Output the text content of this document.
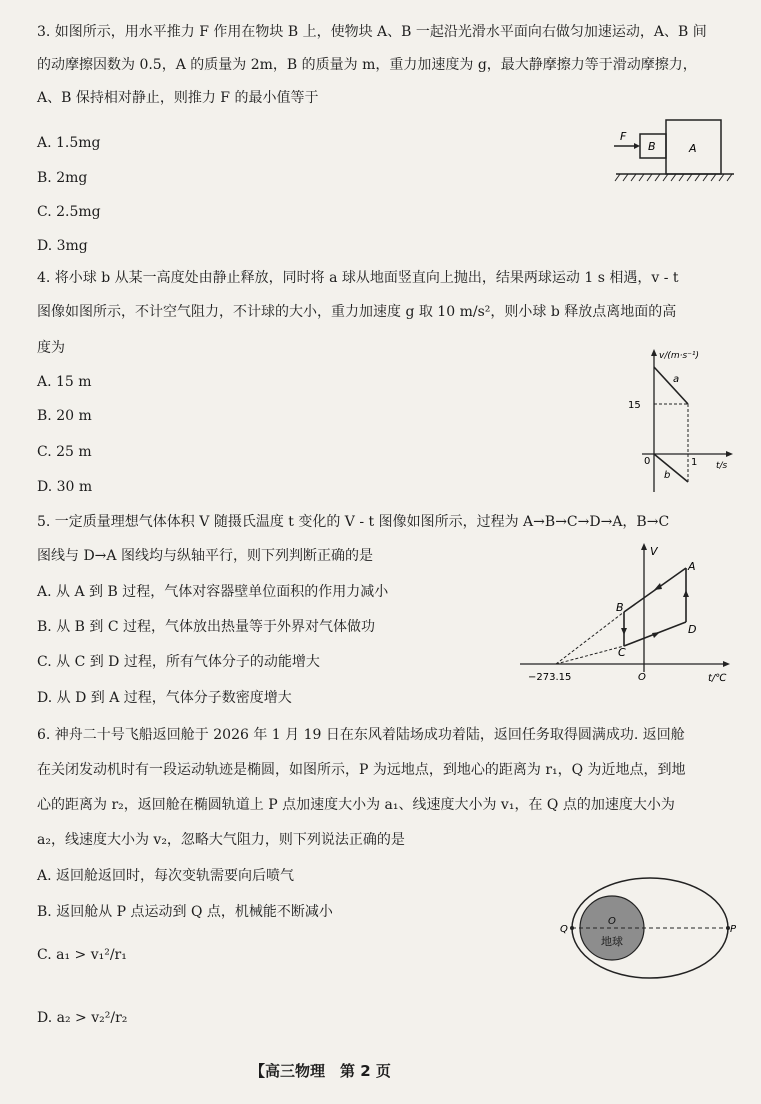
3. 如图所示，用水平推力 F 作用在物块 B 上，使物块 A、B 一起沿光滑水平面向右做匀加速运动，A、B 间
的动摩擦因数为 0.5，A 的质量为 2m，B 的质量为 m，重力加速度为 g，最大静摩擦力等于滑动摩擦力，
A、B 保持相对静止，则推力 F 的最小值等于
A. 1.5mg
B. 2mg
C. 2.5mg
D. 3mg
A
B
F
4. 将小球 b 从某一高度处由静止释放，同时将 a 球从地面竖直向上抛出，结果两球运动 1 s 相遇，v - t
图像如图所示，不计空气阻力，不计球的大小，重力加速度 g 取 10 m/s²，则小球 b 释放点离地面的高
度为
A. 15 m
B. 20 m
C. 25 m
D. 30 m
v/(m·s⁻¹)
t/s
0
15
1
a
b
5. 一定质量理想气体体积 V 随摄氏温度 t 变化的 V - t 图像如图所示，过程为 A→B→C→D→A，B→C
图线与 D→A 图线均与纵轴平行，则下列判断正确的是
A. 从 A 到 B 过程，气体对容器壁单位面积的作用力减小
B. 从 B 到 C 过程，气体放出热量等于外界对气体做功
C. 从 C 到 D 过程，所有气体分子的动能增大
D. 从 D 到 A 过程，气体分子数密度增大
V
t/℃
O
−273.15
A
B
C
D
6. 神舟二十号飞船返回舱于 2026 年 1 月 19 日在东风着陆场成功着陆，返回任务取得圆满成功. 返回舱
在关闭发动机时有一段运动轨迹是椭圆，如图所示，P 为远地点，到地心的距离为 r₁，Q 为近地点，到地
心的距离为 r₂，返回舱在椭圆轨道上 P 点加速度大小为 a₁、线速度大小为 v₁，在 Q 点的加速度大小为
a₂，线速度大小为 v₂，忽略大气阻力，则下列说法正确的是
A. 返回舱返回时，每次变轨需要向后喷气
B. 返回舱从 P 点运动到 Q 点，机械能不断减小
C. a₁ > v₁²/r₁
D. a₂ > v₂²/r₂
Q	P
O
地球
【高三物理　第 2 页
